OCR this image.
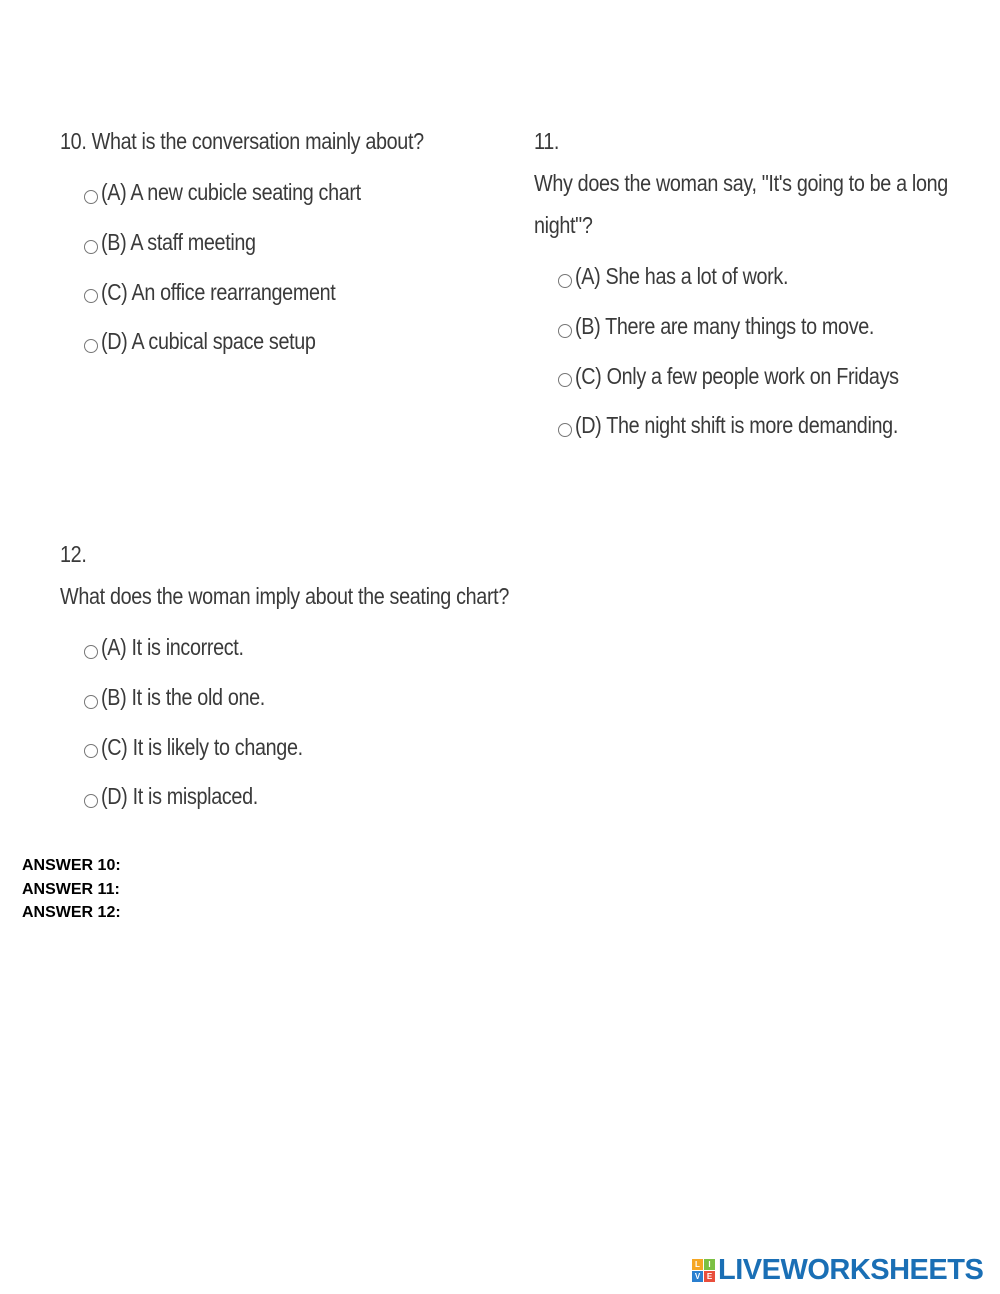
10. What is the conversation mainly about?
(A) A new cubicle seating chart
(B) A staff meeting
(C) An office rearrangement
(D) A cubical space setup
11.
Why does the woman say, "It's going to be a long
night"?
(A) She has a lot of work.
(B) There are many things to move.
(C) Only a few people work on Fridays
(D) The night shift is more demanding.
12.
What does the woman imply about the seating chart?
(A) It is incorrect.
(B) It is the old one.
(C) It is likely to change.
(D) It is misplaced.
ANSWER 10:
ANSWER 11:
ANSWER 12:
L	I
V E LIVEWORKSHEETS
